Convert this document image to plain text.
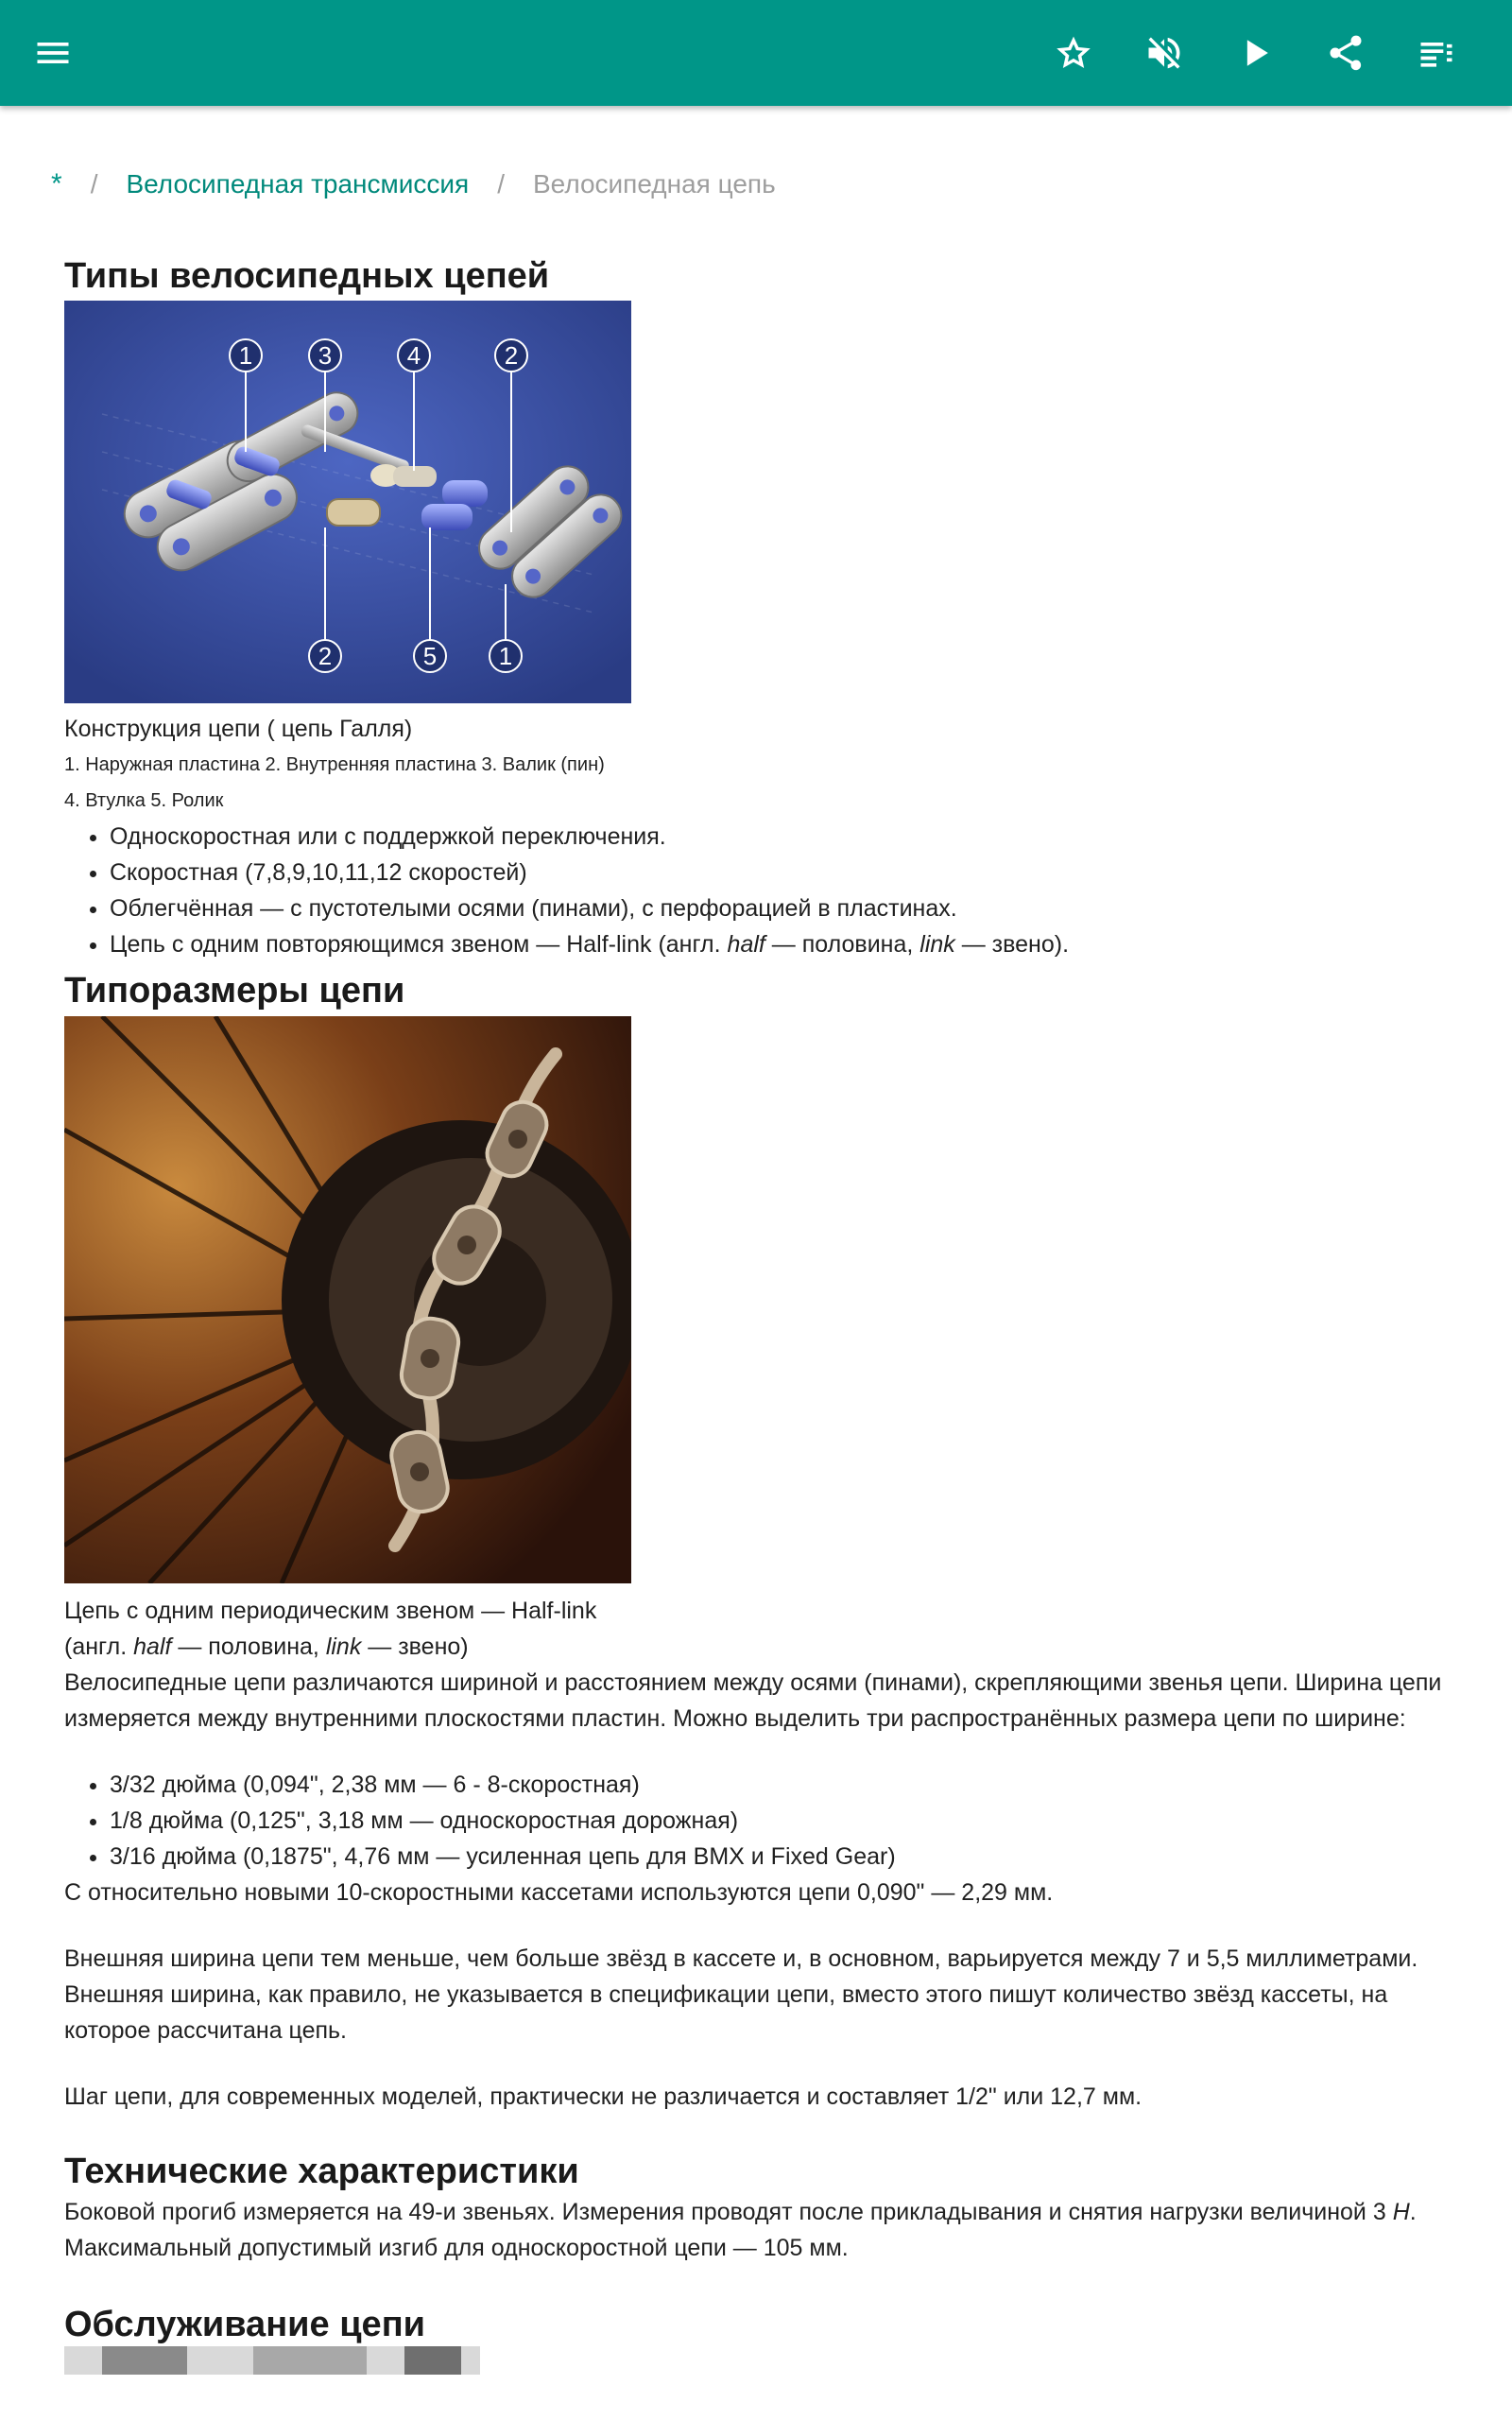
* / Велосипедная трансмиссия / Велосипедная цепь
Типы велосипедных цепей
1	3	4	2
2	5	1
Конструкция цепи ( цепь Галля)
1. Наружная пластина 2. Внутренняя пластина 3. Валик (пин)
4. Втулка 5. Ролик
• Односкоростная или с поддержкой переключения.
• Скоростная (7,8,9,10,11,12 скоростей)
• Облегчённая — с пустотелыми осями (пинами), с перфорацией в пластинах.
• Цепь с одним повторяющимся звеном — Half-link (англ. half — половина, link — звено).
Типоразмеры цепи
Цепь с одним периодическим звеном — Half-link
(англ. half — половина, link — звено)

Велосипедные цепи различаются шириной и расстоянием между осями (пинами), скрепляющими звенья цепи. Ширина цепи измеряется между внутренними плоскостями пластин. Можно выделить три распространённых размера цепи по ширине:

• 3/32 дюйма (0,094", 2,38 мм — 6 - 8-скоростная)
• 1/8 дюйма (0,125", 3,18 мм — односкоростная дорожная)
• 3/16 дюйма (0,1875", 4,76 мм — усиленная цепь для BMX и Fixed Gear)

С относительно новыми 10-скоростными кассетами используются цепи 0,090" — 2,29 мм.

Внешняя ширина цепи тем меньше, чем больше звёзд в кассете и, в основном, варьируется между 7 и 5,5 миллиметрами. Внешняя ширина, как правило, не указывается в спецификации цепи, вместо этого пишут количество звёзд кассеты, на которое рассчитана цепь.

Шаг цепи, для современных моделей, практически не различается и составляет 1/2" или 12,7 мм.

Технические характеристики

Боковой прогиб измеряется на 49-и звеньях. Измерения проводят после прикладывания и снятия нагрузки величиной 3 Н. Максимальный допустимый изгиб для односкоростной цепи — 105 мм.

Обслуживание цепи
